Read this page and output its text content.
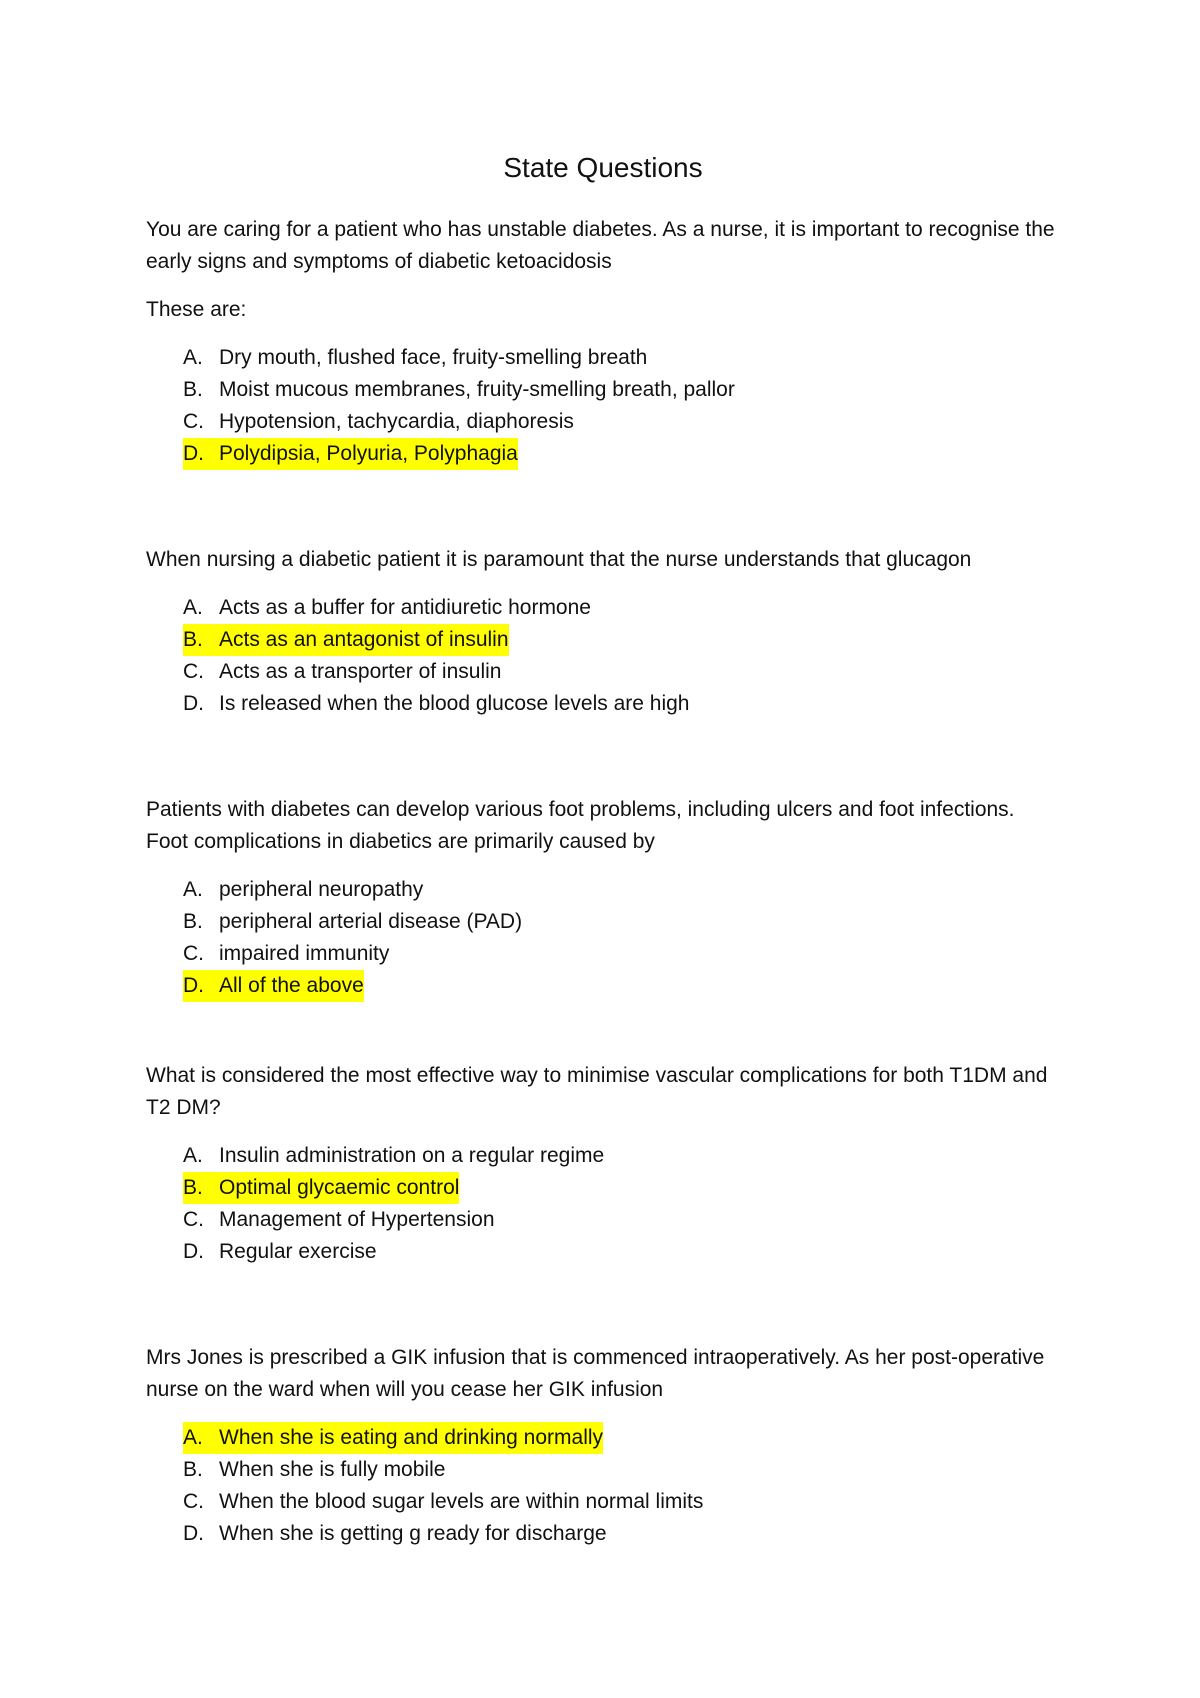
State Questions

You are caring for a patient who has unstable diabetes. As a nurse, it is important to recognise the early signs and symptoms of diabetic ketoacidosis

These are:

A. Dry mouth, flushed face, fruity-smelling breath
B. Moist mucous membranes, fruity-smelling breath, pallor
C. Hypotension, tachycardia, diaphoresis
D. Polydipsia, Polyuria, Polyphagia

When nursing a diabetic patient it is paramount that the nurse understands that glucagon

A. Acts as a buffer for antidiuretic hormone
B. Acts as an antagonist of insulin
C. Acts as a transporter of insulin
D. Is released when the blood glucose levels are high

Patients with diabetes can develop various foot problems, including ulcers and foot infections. Foot complications in diabetics are primarily caused by

A. peripheral neuropathy
B. peripheral arterial disease (PAD)
C. impaired immunity
D. All of the above

What is considered the most effective way to minimise vascular complications for both T1DM and T2 DM?

A. Insulin administration on a regular regime
B. Optimal glycaemic control
C. Management of Hypertension
D. Regular exercise

Mrs Jones is prescribed a GIK infusion that is commenced intraoperatively. As her post-operative nurse on the ward when will you cease her GIK infusion

A. When she is eating and drinking normally
B. When she is fully mobile
C. When the blood sugar levels are within normal limits
D. When she is getting g ready for discharge
